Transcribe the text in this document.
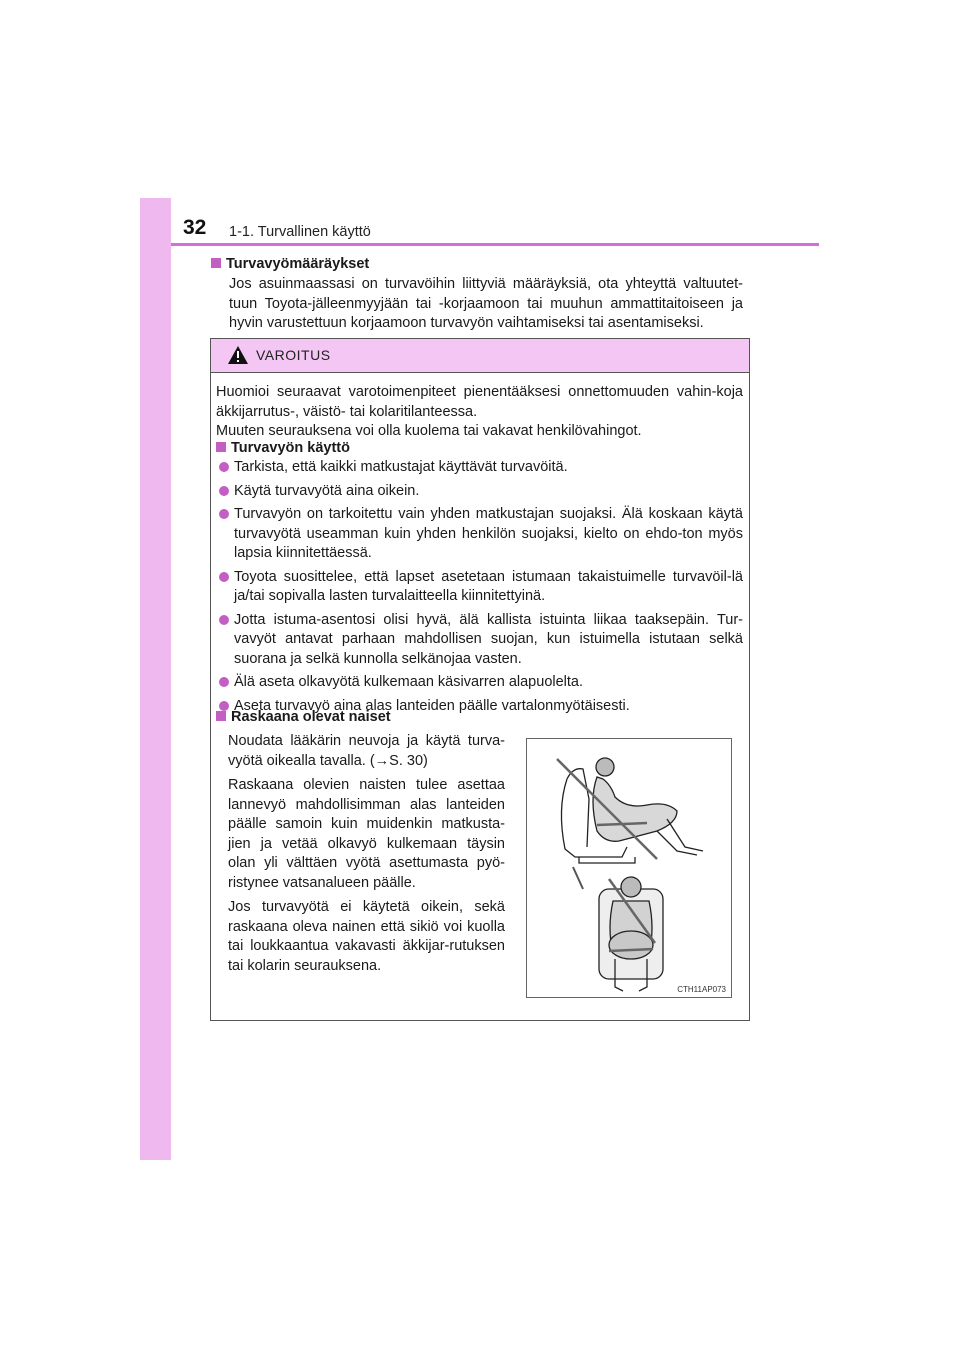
32 1-1. Turvallinen käyttö
Turvavyömääräykset
Jos asuinmaassasi on turvavöihin liittyviä määräyksiä, ota yhteyttä valtuutet-tuun Toyota-jälleenmyyjään tai -korjaamoon tai muuhun ammattitaitoiseen ja hyvin varustettuun korjaamoon turvavyön vaihtamiseksi tai asentamiseksi.
VAROITUS

Huomioi seuraavat varotoimenpiteet pienentääksesi onnettomuuden vahin-koja äkkijarrutus-, väistö- tai kolaritilanteessa.

Muuten seurauksena voi olla kuolema tai vakavat henkilövahingot.

Turvavyön käyttö
Tarkista, että kaikki matkustajat käyttävät turvavöitä.
Käytä turvavyötä aina oikein.
Turvavyön on tarkoitettu vain yhden matkustajan suojaksi. Älä koskaan käytä turvavyötä useamman kuin yhden henkilön suojaksi, kielto on ehdo-ton myös lapsia kiinnitettäessä.
Toyota suosittelee, että lapset asetetaan istumaan takaistuimelle turvavöil-lä ja/tai sopivalla lasten turvalaitteella kiinnitettyinä.
Jotta istuma-asentosi olisi hyvä, älä kallista istuinta liikaa taaksepäin. Tur-vavyöt antavat parhaan mahdollisen suojan, kun istuimella istutaan selkä suorana ja selkä kunnolla selkänojaa vasten.
Älä aseta olkavyötä kulkemaan käsivarren alapuolelta.
Aseta turvavyö aina alas lanteiden päälle vartalonmyötäisesti.
Raskaana olevat naiset

Noudata lääkärin neuvoja ja käytä turva-vyötä oikealla tavalla. (→S. 30)

Raskaana olevien naisten tulee asettaa lannevyö mahdollisimman alas lanteiden päälle samoin kuin muidenkin matkusta-jien ja vetää olkavyö kulkemaan täysin olan yli välttäen vyötä asettumasta pyö-ristynee vatsanalueen päälle.

Jos turvavyötä ei käytetä oikein, sekä raskaana oleva nainen että sikiö voi kuolla tai loukkaantua vakavasti äkkijar-rutuksen tai kolarin seurauksena.

CTH11AP073
